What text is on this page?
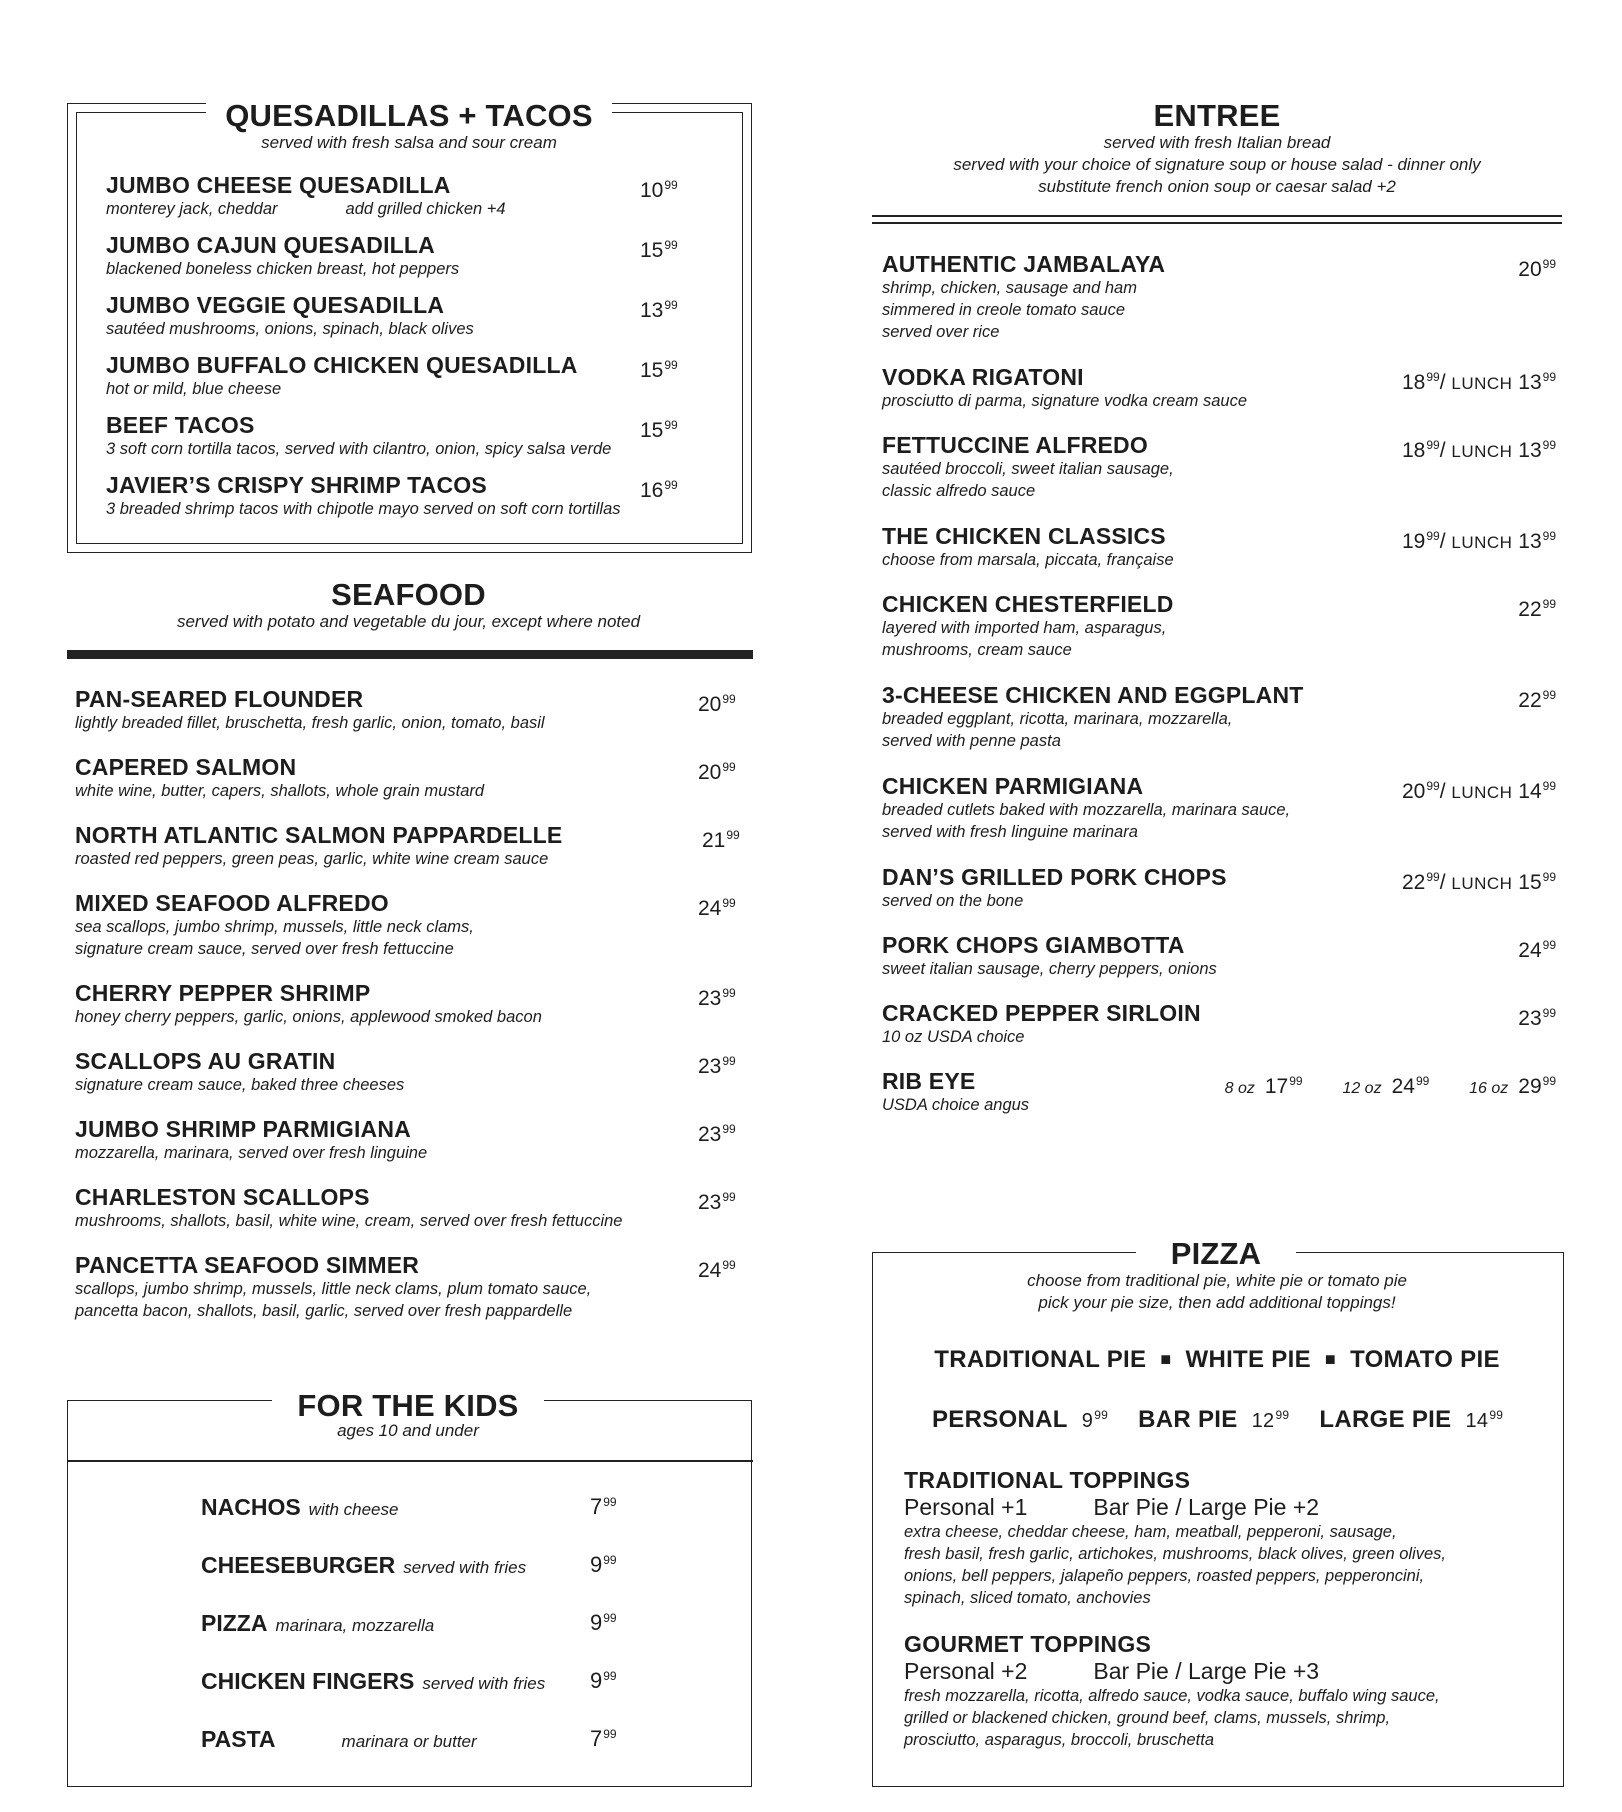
QUESADILLAS + TACOS
served with fresh salsa and sour cream
JUMBO CHEESE QUESADILLA
monterey jack, cheddar	add grilled chicken +4
$10^{99}$
JUMBO CAJUN QUESADILLA
blackened boneless chicken breast, hot peppers
$15^{99}$
JUMBO VEGGIE QUESADILLA
sautéed mushrooms, onions, spinach, black olives
$13^{99}$
JUMBO BUFFALO CHICKEN QUESADILLA
hot or mild, blue cheese
$15^{99}$
BEEF TACOS
3 soft corn tortilla tacos, served with cilantro, onion, spicy salsa verde
$15^{99}$
JAVIER’S CRISPY SHRIMP TACOS
3 breaded shrimp tacos with chipotle mayo served on soft corn tortillas
$16^{99}$
SEAFOOD
served with potato and vegetable du jour, except where noted
PAN-SEARED FLOUNDER
lightly breaded fillet, bruschetta, fresh garlic, onion, tomato, basil
$20^{99}$
CAPERED SALMON
white wine, butter, capers, shallots, whole grain mustard
$20^{99}$
NORTH ATLANTIC SALMON PAPPARDELLE
roasted red peppers, green peas, garlic, white wine cream sauce
$21^{99}$
MIXED SEAFOOD ALFREDO
sea scallops, jumbo shrimp, mussels, little neck clams,
signature cream sauce, served over fresh fettuccine
$24^{99}$
CHERRY PEPPER SHRIMP
honey cherry peppers, garlic, onions, applewood smoked bacon
$23^{99}$
SCALLOPS AU GRATIN
signature cream sauce, baked three cheeses
$23^{99}$
JUMBO SHRIMP PARMIGIANA
mozzarella, marinara, served over fresh linguine
$23^{99}$
CHARLESTON SCALLOPS
mushrooms, shallots, basil, white wine, cream, served over fresh fettuccine
$23^{99}$
PANCETTA SEAFOOD SIMMER
scallops, jumbo shrimp, mussels, little neck clams, plum tomato sauce,
pancetta bacon, shallots, basil, garlic, served over fresh pappardelle
$24^{99}$
FOR THE KIDS
ages 10 and under
NACHOS with cheese	$7^{99}$
CHEESEBURGER served with fries	$9^{99}$
PIZZA marinara, mozzarella	$9^{99}$
CHICKEN FINGERS served with fries $9^{99}$
PASTA	marinara or butter	$7^{99}$
ENTREE
served with fresh Italian bread
served with your choice of signature soup or house salad - dinner only
substitute french onion soup or caesar salad +2
AUTHENTIC JAMBALAYA
shrimp, chicken, sausage and ham
simmered in creole tomato sauce
served over rice
$20^{99}$
VODKA RIGATONI
prosciutto di parma, signature vodka cream sauce
$18^{99}/$ LUNCH $13^{99}$
FETTUCCINE ALFREDO
sautéed broccoli, sweet italian sausage,
classic alfredo sauce
$18^{99}/$ LUNCH $13^{99}$
THE CHICKEN CLASSICS
choose from marsala, piccata, française
$19^{99}/$ LUNCH $13^{99}$
CHICKEN CHESTERFIELD
layered with imported ham, asparagus,
mushrooms, cream sauce
$22^{99}$
3-CHEESE CHICKEN AND EGGPLANT
breaded eggplant, ricotta, marinara, mozzarella,
served with penne pasta
$22^{99}$
CHICKEN PARMIGIANA
breaded cutlets baked with mozzarella, marinara sauce,
served with fresh linguine marinara
$20^{99}/$ LUNCH $14^{99}$
DAN’S GRILLED PORK CHOPS
served on the bone
$22^{99}/$ LUNCH $15^{99}$
PORK CHOPS GIAMBOTTA
sweet italian sausage, cherry peppers, onions
$24^{99}$
CRACKED PEPPER SIRLOIN
10 oz USDA choice
$23^{99}$
RIB EYE
USDA choice angus
8 oz $17^{99}$ 12 oz $24^{99}$ 16 oz $29^{99}$
PIZZA
choose from traditional pie, white pie or tomato pie
pick your pie size, then add additional toppings!
TRADITIONAL PIE ■ WHITE PIE ■ TOMATO PIE
PERSONAL $9^{99}$ BAR PIE $12^{99}$ LARGE PIE $14^{99}$
TRADITIONAL TOPPINGS
Personal +1	Bar Pie / Large Pie +2
extra cheese, cheddar cheese, ham, meatball, pepperoni, sausage,
fresh basil, fresh garlic, artichokes, mushrooms, black olives, green olives,
onions, bell peppers, jalapeño peppers, roasted peppers, pepperoncini,
spinach, sliced tomato, anchovies
GOURMET TOPPINGS
Personal +2	Bar Pie / Large Pie +3
fresh mozzarella, ricotta, alfredo sauce, vodka sauce, buffalo wing sauce,
grilled or blackened chicken, ground beef, clams, mussels, shrimp,
prosciutto, asparagus, broccoli, bruschetta
